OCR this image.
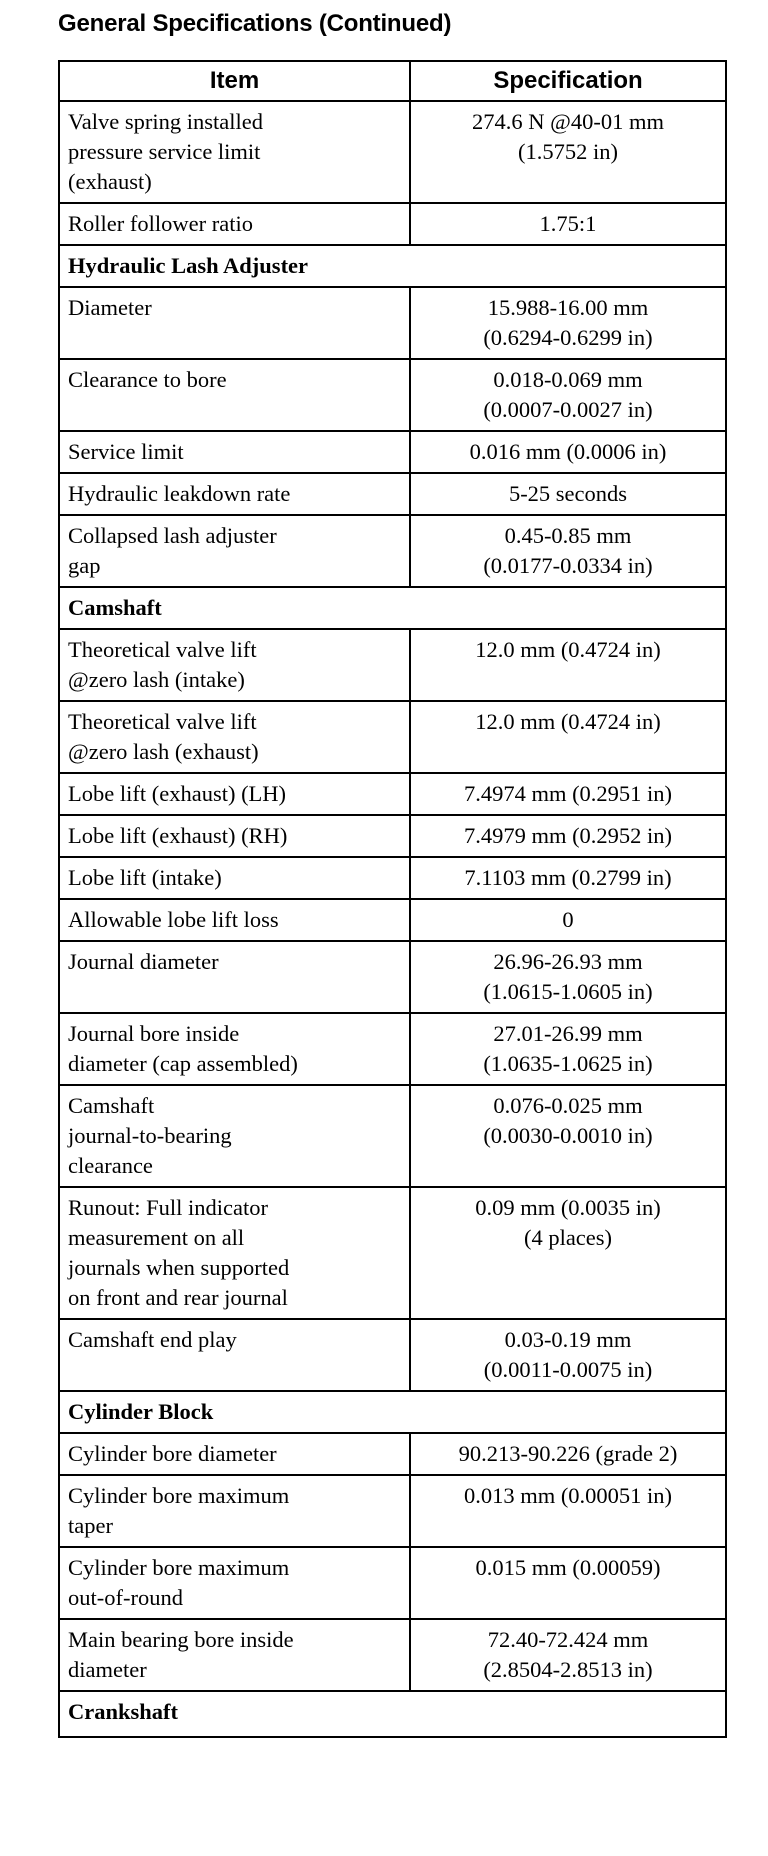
General Specifications (Continued)
Item	Specification
Valve spring installed
pressure service limit
(exhaust)	274.6 N @40-01 mm
(1.5752 in)
Roller follower ratio	1.75:1
Hydraulic Lash Adjuster	
Diameter	15.988-16.00 mm
(0.6294-0.6299 in)
Clearance to bore	0.018-0.069 mm
(0.0007-0.0027 in)
Service limit	0.016 mm (0.0006 in)
Hydraulic leakdown rate	5-25 seconds
Collapsed lash adjuster
gap	0.45-0.85 mm
(0.0177-0.0334 in)
Camshaft	
Theoretical valve lift
@zero lash (intake)	12.0 mm (0.4724 in)
Theoretical valve lift
@zero lash (exhaust)	12.0 mm (0.4724 in)
Lobe lift (exhaust) (LH)	7.4974 mm (0.2951 in)
Lobe lift (exhaust) (RH)	7.4979 mm (0.2952 in)
Lobe lift (intake)	7.1103 mm (0.2799 in)
Allowable lobe lift loss	0
Journal diameter	26.96-26.93 mm
(1.0615-1.0605 in)
Journal bore inside
diameter (cap assembled)	27.01-26.99 mm
(1.0635-1.0625 in)
Camshaft
journal-to-bearing
clearance	0.076-0.025 mm
(0.0030-0.0010 in)
Runout: Full indicator
measurement on all
journals when supported
on front and rear journal	0.09 mm (0.0035 in)
(4 places)
Camshaft end play	0.03-0.19 mm
(0.0011-0.0075 in)
Cylinder Block	
Cylinder bore diameter	90.213-90.226 (grade 2)
Cylinder bore maximum
taper	0.013 mm (0.00051 in)
Cylinder bore maximum
out-of-round	0.015 mm (0.00059)
Main bearing bore inside
diameter	72.40-72.424 mm
(2.8504-2.8513 in)
Crankshaft	
